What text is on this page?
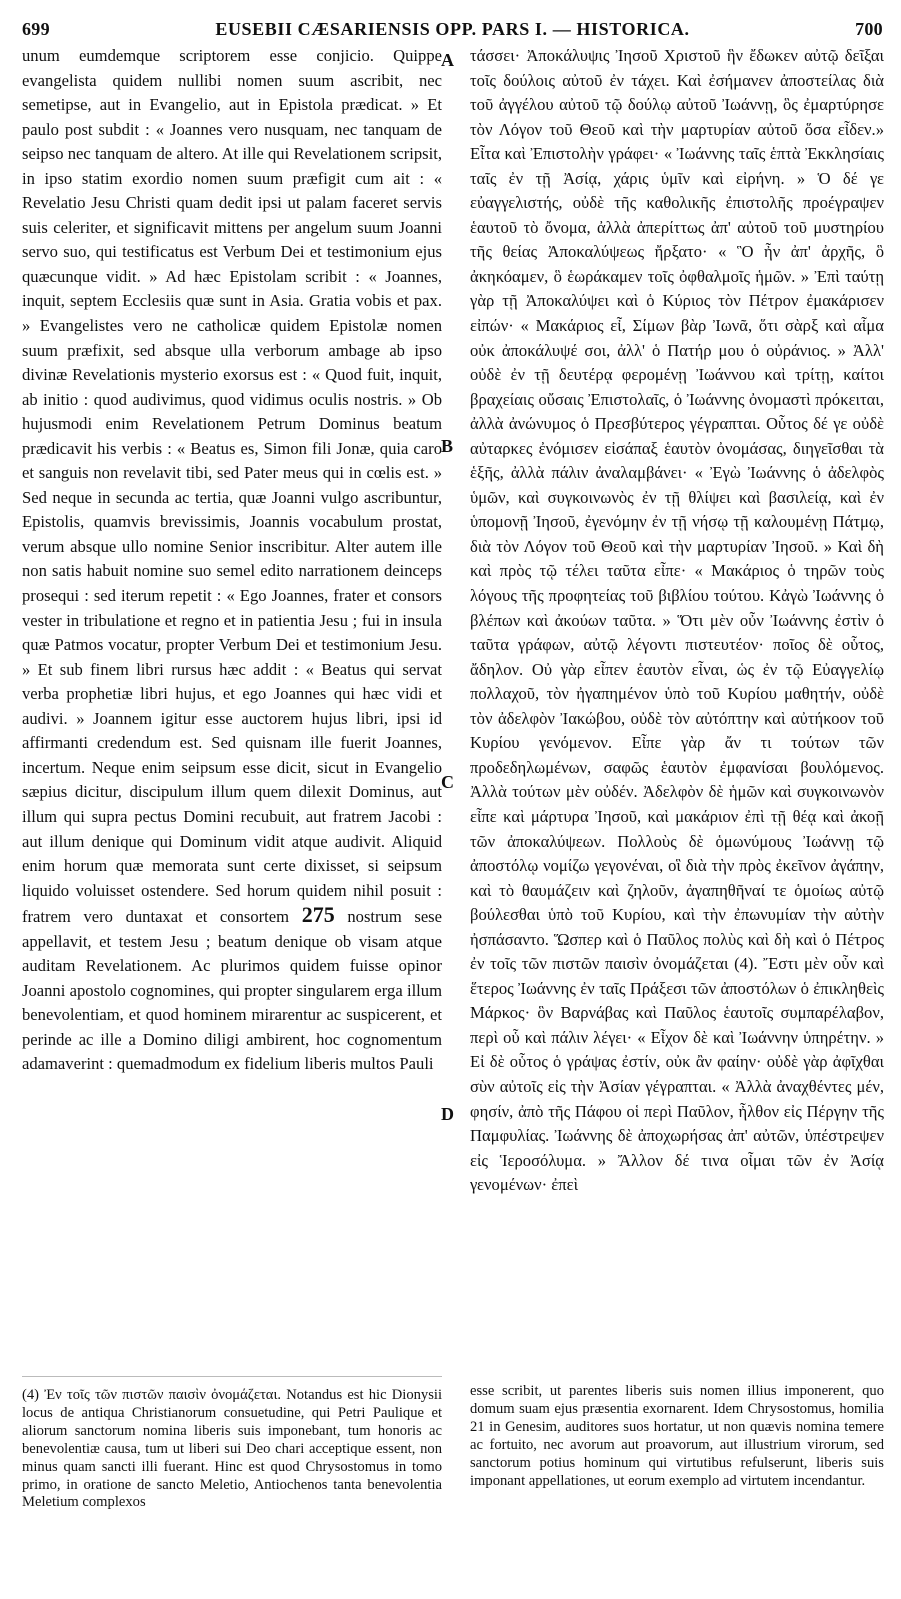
699	EUSEBII CÆSARIENSIS OPP. PARS I. — HISTORICA.	700

unum eumdemque scriptorem esse conjicio. Quippe evangelista quidem nullibi nomen suum ascribit, nec semetipse, aut in Evangelio, aut in Epistola prædicat. » Et paulo post subdit : « Joannes vero nusquam, nec tanquam de seipso nec tanquam de altero. At ille qui Revelationem scripsit, in ipso statim exordio nomen suum præfigit cum ait : « Revelatio Jesu Christi quam dedit ipsi ut palam faceret servis suis celeriter, et significavit mittens per angelum suum Joanni servo suo, qui testificatus est Verbum Dei et testimonium ejus quæcunque vidit. » Ad hæc Epistolam scribit : « Joannes, inquit, septem Ecclesiis quæ sunt in Asia. Gratia vobis et pax. » Evangelistes vero ne catholicæ quidem Epistolæ nomen suum præfixit, sed absque ulla verborum ambage ab ipso divinæ Revelationis mysterio exorsus est : « Quod fuit, inquit, ab initio : quod audivimus, quod vidimus oculis nostris. » Ob hujusmodi enim Revelationem Petrum Dominus beatum prædicavit his verbis : « Beatus es, Simon fili Jonæ, quia caro et sanguis non revelavit tibi, sed Pater meus qui in cœlis est. » Sed neque in secunda ac tertia, quæ Joanni vulgo ascribuntur, Epistolis, quamvis brevissimis, Joannis vocabulum prostat, verum absque ullo nomine Senior inscribitur. Alter autem ille non satis habuit nomine suo semel edito narrationem deinceps prosequi : sed iterum repetit : « Ego Joannes, frater et consors vester in tribulatione et regno et in patientia Jesu ; fui in insula quæ Patmos vocatur, propter Verbum Dei et testimonium Jesu. » Et sub finem libri rursus hæc addit : « Beatus qui servat verba prophetiæ libri hujus, et ego Joannes qui hæc vidi et audivi. » Joannem igitur esse auctorem hujus libri, ipsi id affirmanti credendum est. Sed quisnam ille fuerit Joannes, incertum. Neque enim seipsum esse dicit, sicut in Evangelio sæpius dicitur, discipulum illum quem dilexit Dominus, aut illum qui supra pectus Domini recubuit, aut fratrem Jacobi : aut illum denique qui Dominum vidit atque audivit. Aliquid enim horum quæ memorata sunt certe dixisset, si seipsum liquido voluisset ostendere. Sed horum quidem nihil posuit : fratrem vero duntaxat et consortem 275 nostrum sese appellavit, et testem Jesu ; beatum denique ob visam atque auditam Revelationem. Ac plurimos quidem fuisse opinor Joanni apostolo cognomines, qui propter singularem erga illum benevolentiam, et quod hominem mirarentur ac suspicerent, et perinde ac ille a Domino diligi ambirent, hoc cognomentum adamaverint : quemadmodum ex fidelium liberis multos Pauli

A
B
C
D

τάσσει· Ἀποκάλυψις Ἰησοῦ Χριστοῦ ἣν ἔδωκεν αὐτῷ δεῖξαι τοῖς δούλοις αὐτοῦ ἐν τάχει. Καὶ ἐσήμανεν ἀποστείλας διὰ τοῦ ἀγγέλου αὐτοῦ τῷ δούλῳ αὐτοῦ Ἰωάννῃ, ὃς ἐμαρτύρησε τὸν Λόγον τοῦ Θεοῦ καὶ τὴν μαρτυρίαν αὐτοῦ ὅσα εἶδεν.» Εἶτα καὶ Ἐπιστολὴν γράφει· « Ἰωάννης ταῖς ἑπτὰ Ἐκκλησίαις ταῖς ἐν τῇ Ἀσίᾳ, χάρις ὑμῖν καὶ εἰρήνη. » Ὁ δέ γε εὐαγγελιστής, οὐδὲ τῆς καθολικῆς ἐπιστολῆς προέγραψεν ἑαυτοῦ τὸ ὄνομα, ἀλλὰ ἀπερίττως ἀπ' αὐτοῦ τοῦ μυστηρίου τῆς θείας Ἀποκαλύψεως ἤρξατο· « Ὃ ἦν ἀπ' ἀρχῆς, ὃ ἀκηκόαμεν, ὃ ἑωράκαμεν τοῖς ὀφθαλμοῖς ἡμῶν. » Ἐπὶ ταύτῃ γὰρ τῇ Ἀποκαλύψει καὶ ὁ Κύριος τὸν Πέτρον ἐμακάρισεν εἰπών· « Μακάριος εἶ, Σίμων βὰρ Ἰωνᾶ, ὅτι σὰρξ καὶ αἷμα οὐκ ἀποκάλυψέ σοι, ἀλλ' ὁ Πατήρ μου ὁ οὐράνιος. » Ἀλλ' οὐδὲ ἐν τῇ δευτέρᾳ φερομένῃ Ἰωάννου καὶ τρίτῃ, καίτοι βραχείαις οὔσαις Ἐπιστολαῖς, ὁ Ἰωάννης ὀνομαστὶ πρόκειται, ἀλλὰ ἀνώνυμος ὁ Πρεσβύτερος γέγραπται. Οὗτος δέ γε οὐδὲ αὐταρκες ἐνόμισεν εἰσάπαξ ἑαυτὸν ὀνομάσας, διηγεῖσθαι τὰ ἑξῆς, ἀλλὰ πάλιν ἀναλαμβάνει· « Ἐγὼ Ἰωάννης ὁ ἀδελφὸς ὑμῶν, καὶ συγκοινωνὸς ἐν τῇ θλίψει καὶ βασιλείᾳ, καὶ ἐν ὑπομονῇ Ἰησοῦ, ἐγενόμην ἐν τῇ νήσῳ τῇ καλουμένῃ Πάτμῳ, διὰ τὸν Λόγον τοῦ Θεοῦ καὶ τὴν μαρτυρίαν Ἰησοῦ. » Καὶ δὴ καὶ πρὸς τῷ τέλει ταῦτα εἶπε· « Μακάριος ὁ τηρῶν τοὺς λόγους τῆς προφητείας τοῦ βιβλίου τούτου. Κἀγὼ Ἰωάννης ὁ βλέπων καὶ ἀκούων ταῦτα. » Ὅτι μὲν οὖν Ἰωάννης ἐστὶν ὁ ταῦτα γράφων, αὐτῷ λέγοντι πιστευτέον· ποῖος δὲ οὗτος, ἄδηλον. Οὐ γὰρ εἶπεν ἑαυτὸν εἶναι, ὡς ἐν τῷ Εὐαγγελίῳ πολλαχοῦ, τὸν ἠγαπημένον ὑπὸ τοῦ Κυρίου μαθητήν, οὐδὲ τὸν ἀδελφὸν Ἰακώβου, οὐδὲ τὸν αὐτόπτην καὶ αὐτήκοον τοῦ Κυρίου γενόμενον. Εἶπε γὰρ ἄν τι τούτων τῶν προδεδηλωμένων, σαφῶς ἑαυτὸν ἐμφανίσαι βουλόμενος. Ἀλλὰ τούτων μὲν οὐδέν. Ἀδελφὸν δὲ ἡμῶν καὶ συγκοινωνὸν εἶπε καὶ μάρτυρα Ἰησοῦ, καὶ μακάριον ἐπὶ τῇ θέᾳ καὶ ἀκοῇ τῶν ἀποκαλύψεων. Πολλοὺς δὲ ὁμωνύμους Ἰωάννῃ τῷ ἀποστόλῳ νομίζω γεγονέναι, οἳ διὰ τὴν πρὸς ἐκεῖνον ἀγάπην, καὶ τὸ θαυμάζειν καὶ ζηλοῦν, ἀγαπηθῆναί τε ὁμοίως αὐτῷ βούλεσθαι ὑπὸ τοῦ Κυρίου, καὶ τὴν ἐπωνυμίαν τὴν αὐτὴν ἠσπάσαντο. Ὥσπερ καὶ ὁ Παῦλος πολὺς καὶ δὴ καὶ ὁ Πέτρος ἐν τοῖς τῶν πιστῶν παισὶν ὀνομάζεται (4). Ἔστι μὲν οὖν καὶ ἕτερος Ἰωάννης ἐν ταῖς Πράξεσι τῶν ἀποστόλων ὁ ἐπικληθεὶς Μάρκος· ὃν Βαρνάβας καὶ Παῦλος ἑαυτοῖς συμπαρέλαβον, περὶ οὗ καὶ πάλιν λέγει· « Εἶχον δὲ καὶ Ἰωάννην ὑπηρέτην. » Εἰ δὲ οὗτος ὁ γράψας ἐστίν, οὐκ ἂν φαίην· οὐδὲ γὰρ ἀφῖχθαι σὺν αὐτοῖς εἰς τὴν Ἀσίαν γέγραπται. « Ἀλλὰ ἀναχθέντες μέν, φησίν, ἀπὸ τῆς Πάφου οἱ περὶ Παῦλον, ἦλθον εἰς Πέργην τῆς Παμφυλίας. Ἰωάννης δὲ ἀποχωρήσας ἀπ' αὐτῶν, ὑπέστρεψεν εἰς Ἱεροσόλυμα. » Ἄλλον δέ τινα οἶμαι τῶν ἐν Ἀσίᾳ γενομένων· ἐπεὶ

(4) Ἐν τοῖς τῶν πιστῶν παισὶν ὀνομάζεται. Notandus est hic Dionysii locus de antiqua Christianorum consuetudine, qui Petri Paulique et aliorum sanctorum nomina liberis suis imponebant, tum honoris ac benevolentiæ causa, tum ut liberi sui Deo chari acceptique essent, non minus quam sancti illi fuerant. Hinc est quod Chrysostomus in tomo primo, in oratione de sancto Meletio, Antiochenos tanta benevolentia Meletium complexos
esse scribit, ut parentes liberis suis nomen illius imponerent, quo domum suam ejus præsentia exornarent. Idem Chrysostomus, homilia 21 in Genesim, auditores suos hortatur, ut non quævis nomina temere ac fortuito, nec avorum aut proavorum, aut illustrium virorum, sed sanctorum potius hominum qui virtutibus refulserunt, liberis suis imponant appellationes, ut eorum exemplo ad virtutem incendantur.
